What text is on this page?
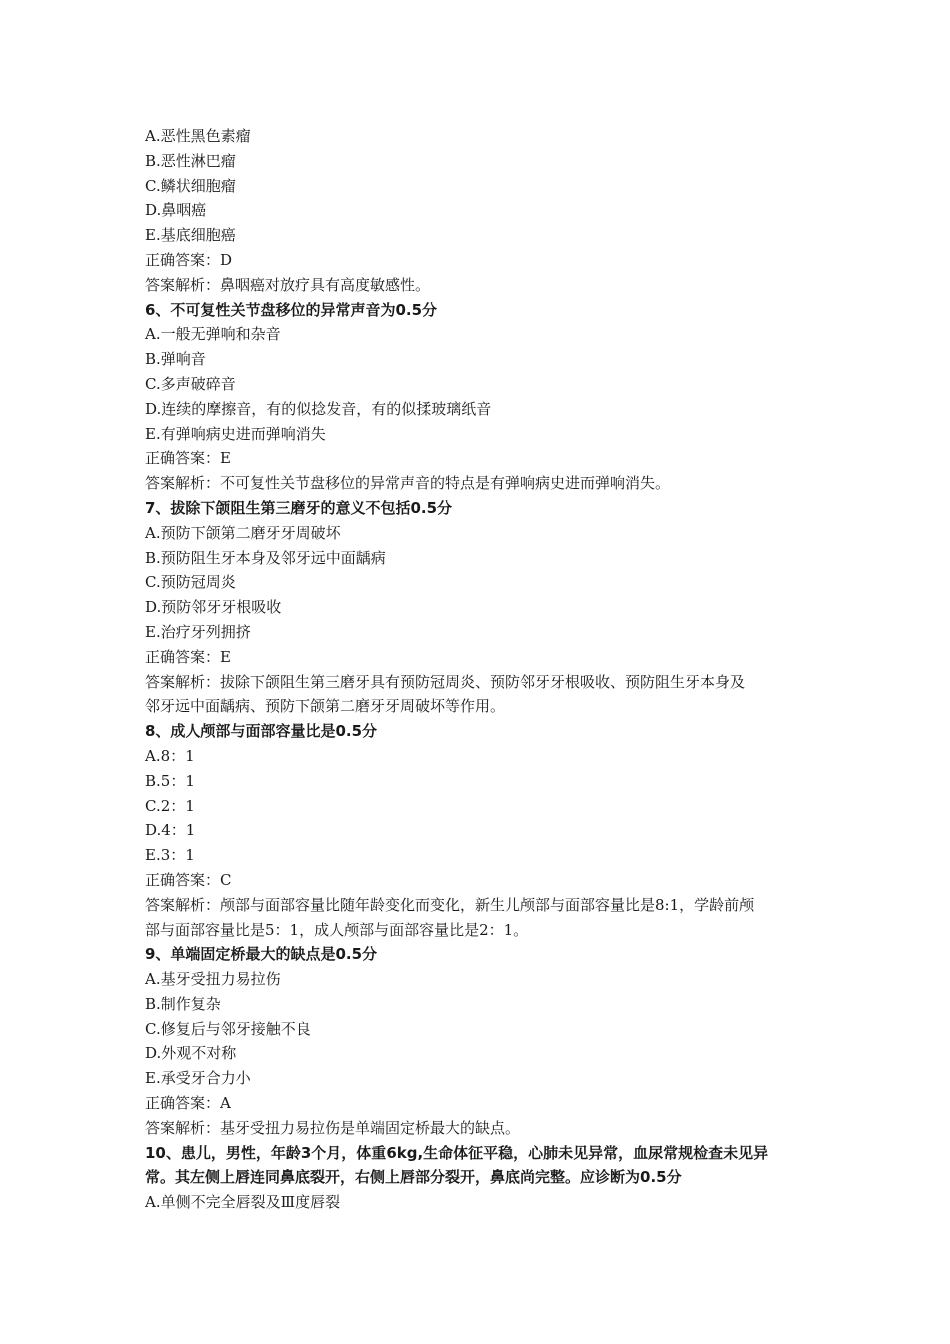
A.恶性黑色素瘤
B.恶性淋巴瘤
C.鳞状细胞瘤
D.鼻咽癌
E.基底细胞癌
正确答案：D
答案解析：鼻咽癌对放疗具有高度敏感性。
6、不可复性关节盘移位的异常声音为0.5分
A.一般无弹响和杂音
B.弹响音
C.多声破碎音
D.连续的摩擦音，有的似捻发音，有的似揉玻璃纸音
E.有弹响病史进而弹响消失
正确答案：E
答案解析：不可复性关节盘移位的异常声音的特点是有弹响病史进而弹响消失。
7、拔除下颌阻生第三磨牙的意义不包括0.5分
A.预防下颌第二磨牙牙周破坏
B.预防阻生牙本身及邻牙远中面龋病
C.预防冠周炎
D.预防邻牙牙根吸收
E.治疗牙列拥挤
正确答案：E
答案解析：拔除下颌阻生第三磨牙具有预防冠周炎、预防邻牙牙根吸收、预防阻生牙本身及
邻牙远中面龋病、预防下颌第二磨牙牙周破坏等作用。
8、成人颅部与面部容量比是0.5分
A.8：1
B.5：1
C.2：1
D.4：1
E.3：1
正确答案：C
答案解析：颅部与面部容量比随年龄变化而变化，新生儿颅部与面部容量比是8:1，学龄前颅
部与面部容量比是5：1，成人颅部与面部容量比是2：1。
9、单端固定桥最大的缺点是0.5分
A.基牙受扭力易拉伤
B.制作复杂
C.修复后与邻牙接触不良
D.外观不对称
E.承受牙合力小
正确答案：A
答案解析：基牙受扭力易拉伤是单端固定桥最大的缺点。
10、患儿，男性，年龄3个月，体重6kg,生命体征平稳，心肺未见异常，血尿常规检查未见异
常。其左侧上唇连同鼻底裂开，右侧上唇部分裂开，鼻底尚完整。应诊断为0.5分
A.单侧不完全唇裂及Ⅲ度唇裂
